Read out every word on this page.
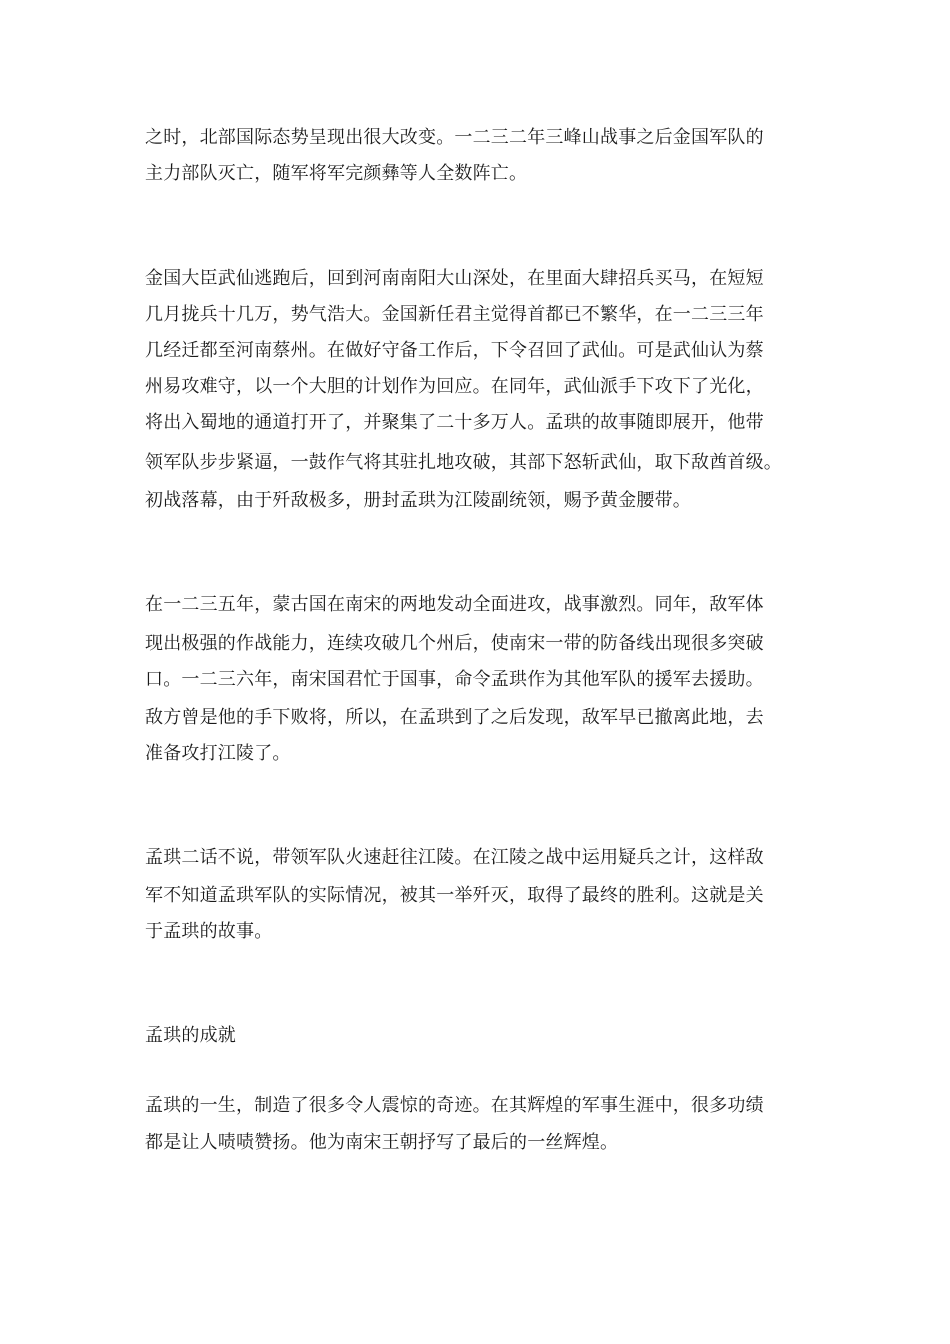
之时，北部国际态势呈现出很大改变。一二三二年三峰山战事之后金国军队的
主力部队灭亡，随军将军完颜彝等人全数阵亡。
金国大臣武仙逃跑后，回到河南南阳大山深处，在里面大肆招兵买马，在短短
几月拢兵十几万，势气浩大。金国新任君主觉得首都已不繁华，在一二三三年
几经迁都至河南蔡州。在做好守备工作后，下令召回了武仙。可是武仙认为蔡
州易攻难守，以一个大胆的计划作为回应。在同年，武仙派手下攻下了光化，
将出入蜀地的通道打开了，并聚集了二十多万人。孟珙的故事随即展开，他带
领军队步步紧逼，一鼓作气将其驻扎地攻破，其部下怒斩武仙，取下敌酋首级。
初战落幕，由于歼敌极多，册封孟珙为江陵副统领，赐予黄金腰带。
在一二三五年，蒙古国在南宋的两地发动全面进攻，战事激烈。同年，敌军体
现出极强的作战能力，连续攻破几个州后，使南宋一带的防备线出现很多突破
口。一二三六年，南宋国君忙于国事，命令孟珙作为其他军队的援军去援助。
敌方曾是他的手下败将，所以，在孟珙到了之后发现，敌军早已撤离此地，去
准备攻打江陵了。
孟珙二话不说，带领军队火速赶往江陵。在江陵之战中运用疑兵之计，这样敌
军不知道孟珙军队的实际情况，被其一举歼灭，取得了最终的胜利。这就是关
于孟珙的故事。
孟珙的成就
孟珙的一生，制造了很多令人震惊的奇迹。在其辉煌的军事生涯中，很多功绩
都是让人啧啧赞扬。他为南宋王朝抒写了最后的一丝辉煌。
